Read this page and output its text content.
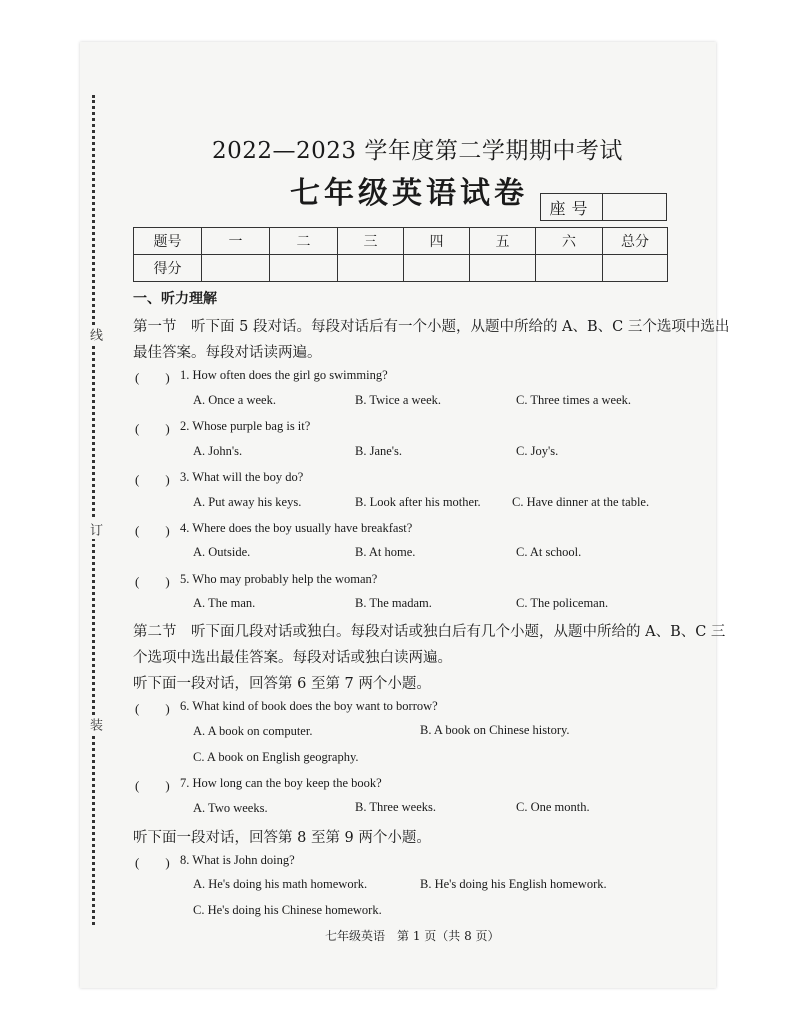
线
订
装
2022—2023 学年度第二学期期中考试
七年级英语试卷	座号
题号	一	二	三	四	五	六	总分
得分							
一、听力理解
第一节　听下面 5 段对话。每段对话后有一个小题，从题中所给的 A、B、C 三个选项中选出
最佳答案。每段对话读两遍。
(　　) 1. How often does the girl go swimming?
A. Once a week.	B. Twice a week.	C. Three times a week.
(　　) 2. Whose purple bag is it?
A. John's.	B. Jane's.	C. Joy's.
(　　) 3. What will the boy do?
A. Put away his keys.	B. Look after his mother.	C. Have dinner at the table.
(　　) 4. Where does the boy usually have breakfast?
A. Outside.	B. At home.	C. At school.
(　　) 5. Who may probably help the woman?
A. The man.	B. The madam.	C. The policeman.
第二节　听下面几段对话或独白。每段对话或独白后有几个小题，从题中所给的 A、B、C 三
个选项中选出最佳答案。每段对话或独白读两遍。
听下面一段对话，回答第 6 至第 7 两个小题。
(　　) 6. What kind of book does the boy want to borrow?
A. A book on computer.	B. A book on Chinese history.
C. A book on English geography.
(　　) 7. How long can the boy keep the book?
A. Two weeks.	B. Three weeks.	C. One month.
听下面一段对话，回答第 8 至第 9 两个小题。
(　　) 8. What is John doing?
A. He's doing his math homework.	B. He's doing his English homework.
C. He's doing his Chinese homework.
七年级英语　第 1 页（共 8 页）
